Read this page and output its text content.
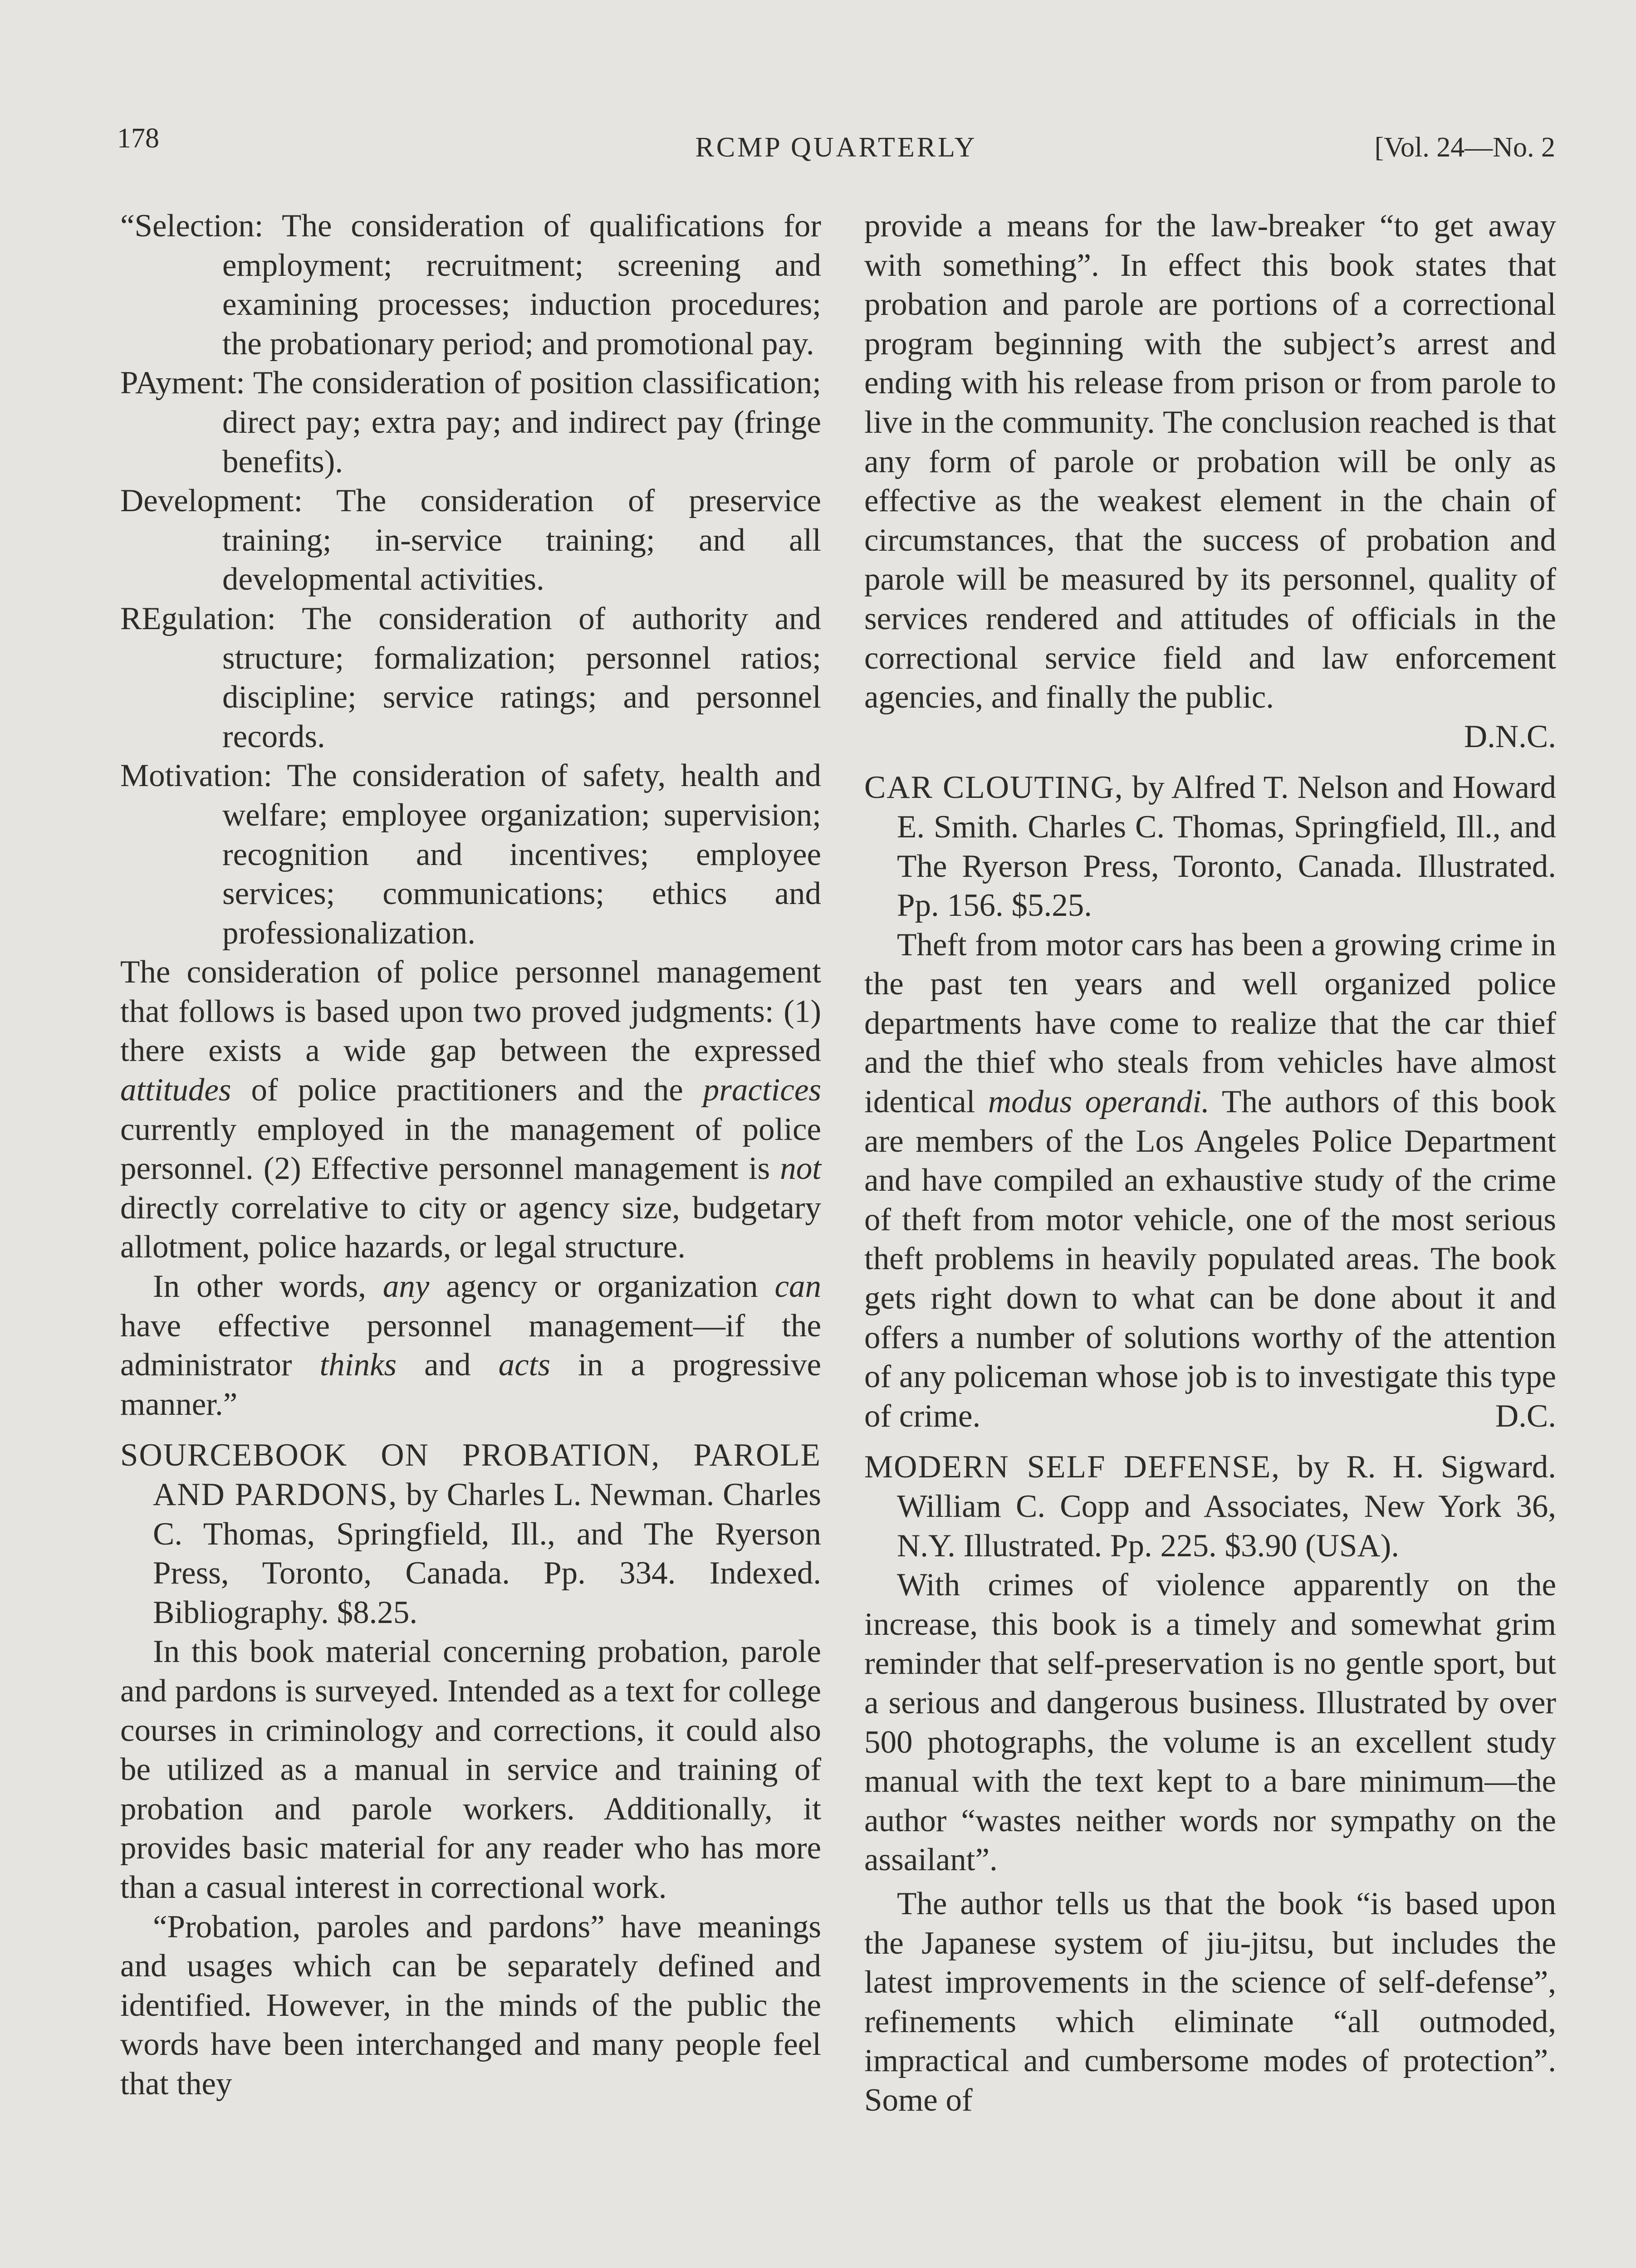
178	RCMP QUARTERLY	[Vol. 24—No. 2

“Selection: The consideration of qualifications for employment; recruitment; screening and examining processes; induction procedures; the probationary period; and promotional pay.

PAyment: The consideration of position classification; direct pay; extra pay; and indirect pay (fringe benefits).

Development: The consideration of preservice training; in-service training; and all developmental activities.

REgulation: The consideration of authority and structure; formalization; personnel ratios; discipline; service ratings; and personnel records.

Motivation: The consideration of safety, health and welfare; employee organization; supervision; recognition and incentives; employee services; communications; ethics and professionalization.

The consideration of police personnel management that follows is based upon two proved judgments: (1) there exists a wide gap between the expressed attitudes of police practitioners and the practices currently employed in the management of police personnel. (2) Effective personnel management is not directly correlative to city or agency size, budgetary allotment, police hazards, or legal structure.

In other words, any agency or organization can have effective personnel management—if the administrator thinks and acts in a progressive manner.”

SOURCEBOOK ON PROBATION, PAROLE AND PARDONS, by Charles L. Newman. Charles C. Thomas, Springfield, Ill., and The Ryerson Press, Toronto, Canada. Pp. 334. Indexed. Bibliography. $8.25.

In this book material concerning probation, parole and pardons is surveyed. Intended as a text for college courses in criminology and corrections, it could also be utilized as a manual in service and training of probation and parole workers. Additionally, it provides basic material for any reader who has more than a casual interest in correctional work.

“Probation, paroles and pardons” have meanings and usages which can be separately defined and identified. However, in the minds of the public the words have been interchanged and many people feel that they

provide a means for the law-breaker “to get away with something”. In effect this book states that probation and parole are portions of a correctional program beginning with the subject’s arrest and ending with his release from prison or from parole to live in the community. The conclusion reached is that any form of parole or probation will be only as effective as the weakest element in the chain of circumstances, that the success of probation and parole will be measured by its personnel, quality of services rendered and attitudes of officials in the correctional service field and law enforcement agencies, and finally the public.

D.N.C.

CAR CLOUTING, by Alfred T. Nelson and Howard E. Smith. Charles C. Thomas, Springfield, Ill., and The Ryerson Press, Toronto, Canada. Illustrated. Pp. 156. $5.25.

Theft from motor cars has been a growing crime in the past ten years and well organized police departments have come to realize that the car thief and the thief who steals from vehicles have almost identical modus operandi. The authors of this book are members of the Los Angeles Police Department and have compiled an exhaustive study of the crime of theft from motor vehicle, one of the most serious theft problems in heavily populated areas. The book gets right down to what can be done about it and offers a number of solutions worthy of the attention of any policeman whose job is to investigate this type of crime.	D.C.

MODERN SELF DEFENSE, by R. H. Sigward. William C. Copp and Associates, New York 36, N.Y. Illustrated. Pp. 225. $3.90 (USA).

With crimes of violence apparently on the increase, this book is a timely and somewhat grim reminder that self-preservation is no gentle sport, but a serious and dangerous business. Illustrated by over 500 photographs, the volume is an excellent study manual with the text kept to a bare minimum—the author “wastes neither words nor sympathy on the assailant”.

The author tells us that the book “is based upon the Japanese system of jiu-jitsu, but includes the latest improvements in the science of self-defense”, refinements which eliminate “all outmoded, impractical and cumbersome modes of protection”. Some of
